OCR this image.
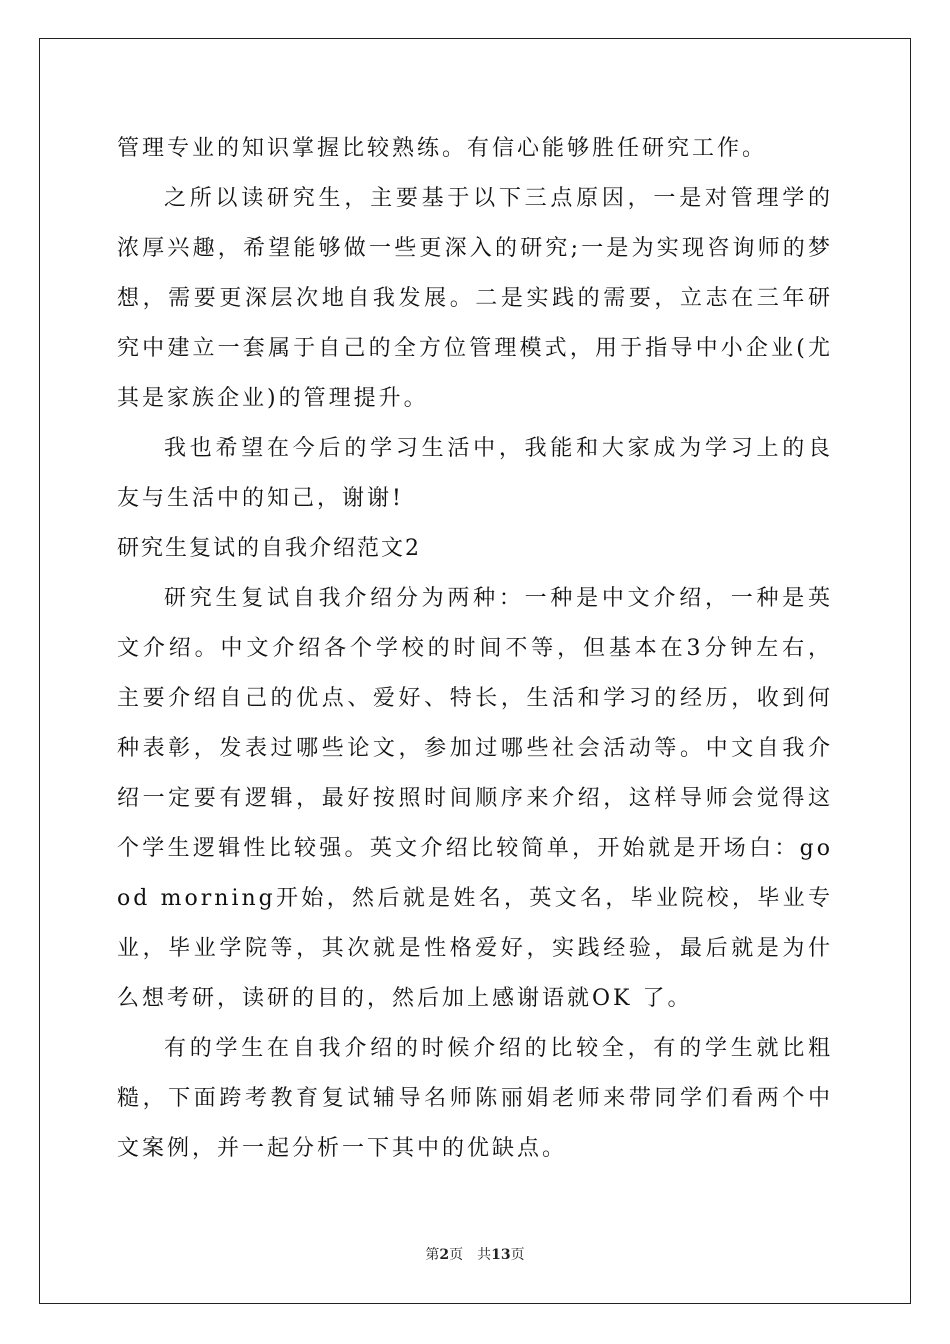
管理专业的知识掌握比较熟练。有信心能够胜任研究工作。

之所以读研究生，主要基于以下三点原因，一是对管理学的浓厚兴趣，希望能够做一些更深入的研究;一是为实现咨询师的梦想，需要更深层次地自我发展。二是实践的需要，立志在三年研究中建立一套属于自己的全方位管理模式，用于指导中小企业(尤其是家族企业)的管理提升。

我也希望在今后的学习生活中，我能和大家成为学习上的良友与生活中的知己，谢谢!

研究生复试的自我介绍范文2

研究生复试自我介绍分为两种：一种是中文介绍，一种是英文介绍。中文介绍各个学校的时间不等，但基本在3分钟左右，主要介绍自己的优点、爱好、特长，生活和学习的经历，收到何种表彰，发表过哪些论文，参加过哪些社会活动等。中文自我介绍一定要有逻辑，最好按照时间顺序来介绍，这样导师会觉得这个学生逻辑性比较强。英文介绍比较简单，开始就是开场白：good morning开始，然后就是姓名，英文名，毕业院校，毕业专业，毕业学院等，其次就是性格爱好，实践经验，最后就是为什么想考研，读研的目的，然后加上感谢语就OK 了。

有的学生在自我介绍的时候介绍的比较全，有的学生就比粗糙，下面跨考教育复试辅导名师陈丽娟老师来带同学们看两个中文案例，并一起分析一下其中的优缺点。

第2页　共13页
